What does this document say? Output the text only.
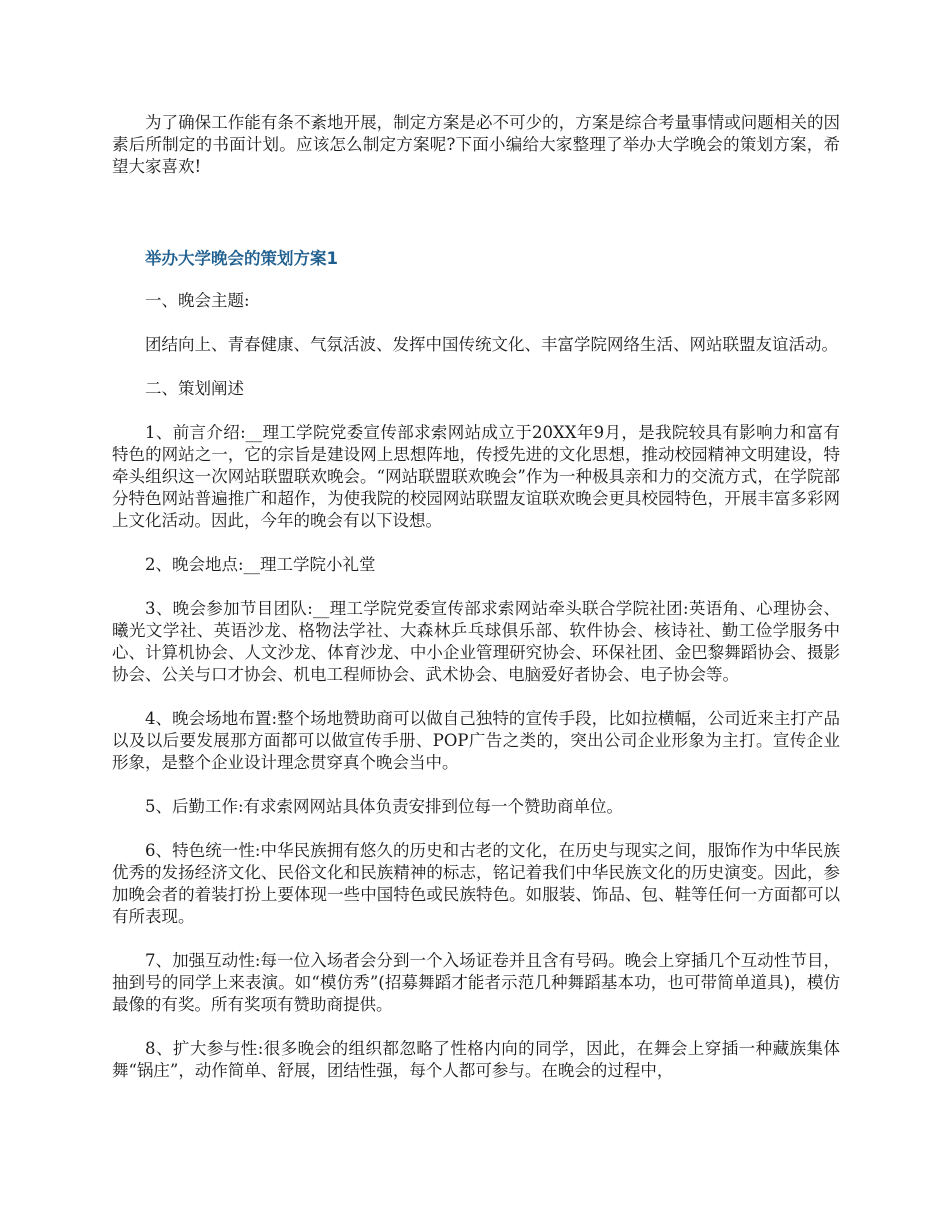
为了确保工作能有条不紊地开展，制定方案是必不可少的，方案是综合考量事情或问题相关的因素后所制定的书面计划。应该怎么制定方案呢?下面小编给大家整理了举办大学晚会的策划方案，希望大家喜欢!

举办大学晚会的策划方案1

一、晚会主题:

团结向上、青春健康、气氛活波、发挥中国传统文化、丰富学院网络生活、网站联盟友谊活动。

二、策划阐述

1、前言介绍:__理工学院党委宣传部求索网站成立于20XX年9月，是我院较具有影响力和富有特色的网站之一，它的宗旨是建设网上思想阵地，传授先进的文化思想，推动校园精神文明建设，特牵头组织这一次网站联盟联欢晚会。“网站联盟联欢晚会”作为一种极具亲和力的交流方式，在学院部分特色网站普遍推广和超作，为使我院的校园网站联盟友谊联欢晚会更具校园特色，开展丰富多彩网上文化活动。因此，今年的晚会有以下设想。

2、晚会地点:__理工学院小礼堂

3、晚会参加节目团队:__理工学院党委宣传部求索网站牵头联合学院社团:英语角、心理协会、曦光文学社、英语沙龙、格物法学社、大森林乒乓球俱乐部、软件协会、核诗社、勤工俭学服务中心、计算机协会、人文沙龙、体育沙龙、中小企业管理研究协会、环保社团、金巴黎舞蹈协会、摄影协会、公关与口才协会、机电工程师协会、武术协会、电脑爱好者协会、电子协会等。

4、晚会场地布置:整个场地赞助商可以做自己独特的宣传手段，比如拉横幅，公司近来主打产品以及以后要发展那方面都可以做宣传手册、POP广告之类的，突出公司企业形象为主打。宣传企业形象，是整个企业设计理念贯穿真个晚会当中。

5、后勤工作:有求索网网站具体负责安排到位每一个赞助商单位。

6、特色统一性:中华民族拥有悠久的历史和古老的文化，在历史与现实之间，服饰作为中华民族优秀的发扬经济文化、民俗文化和民族精神的标志，铭记着我们中华民族文化的历史演变。因此，参加晚会者的着装打扮上要体现一些中国特色或民族特色。如服装、饰品、包、鞋等任何一方面都可以有所表现。

7、加强互动性:每一位入场者会分到一个入场证卷并且含有号码。晚会上穿插几个互动性节目，抽到号的同学上来表演。如“模仿秀”(招募舞蹈才能者示范几种舞蹈基本功，也可带简单道具)，模仿最像的有奖。所有奖项有赞助商提供。

8、扩大参与性:很多晚会的组织都忽略了性格内向的同学，因此，在舞会上穿插一种藏族集体舞“锅庄”，动作简单、舒展，团结性强，每个人都可参与。在晚会的过程中，
